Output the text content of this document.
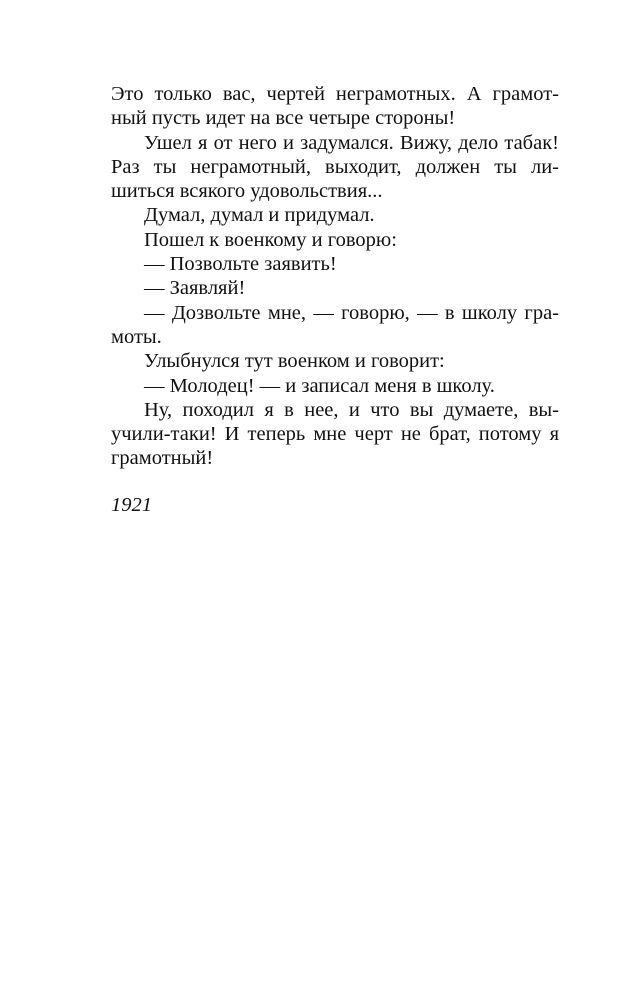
Это только вас, чертей неграмотных. А грамот-
ный пусть идет на все четыре стороны!
Ушел я от него и задумался. Вижу, дело табак!
Раз ты неграмотный, выходит, должен ты ли-
шиться всякого удовольствия...
Думал, думал и придумал.
Пошел к военкому и говорю:
— Позвольте заявить!
— Заявляй!
— Дозвольте мне, — говорю, — в школу гра-
моты.
Улыбнулся тут военком и говорит:
— Молодец! — и записал меня в школу.
Ну, походил я в нее, и что вы думаете, вы-
учили-таки! И теперь мне черт не брат, потому я
грамотный!
1921
